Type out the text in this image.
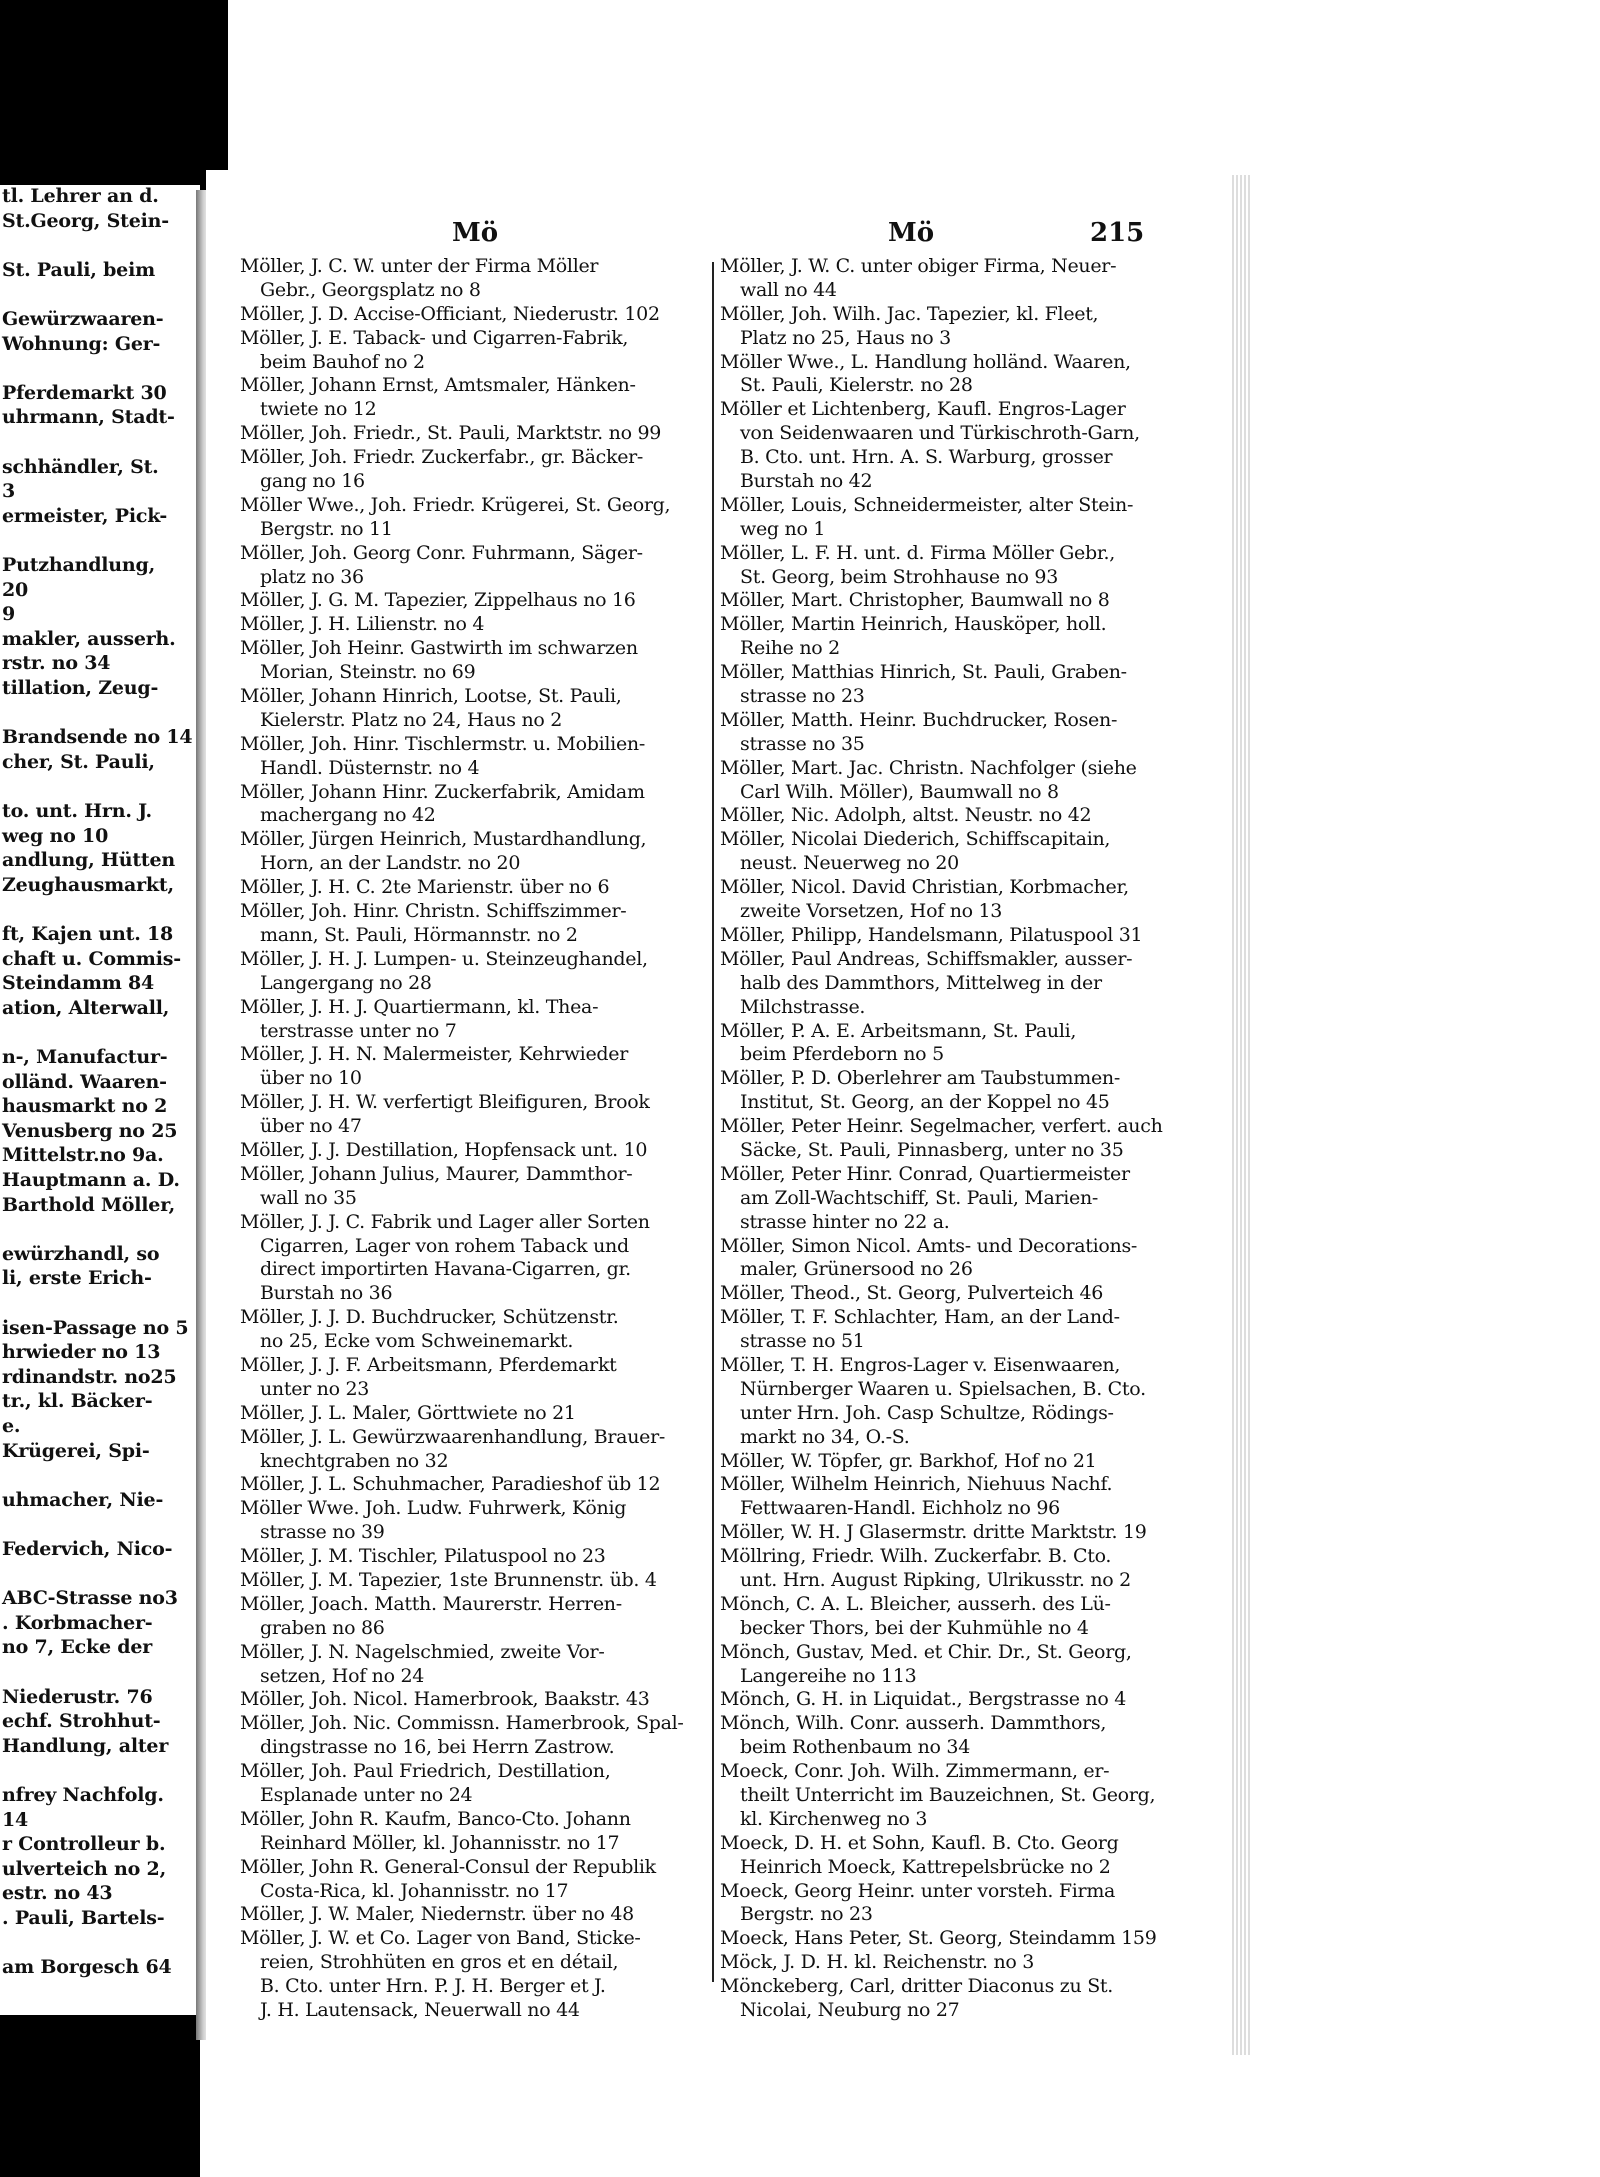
tl. Lehrer an d.
St.Georg, Stein-
St. Pauli, beim
Gewürzwaaren-
Wohnung: Ger-
Pferdemarkt 30
uhrmann, Stadt-
schhändler, St.
3
ermeister, Pick-
Putzhandlung,
20
9
makler, ausserh.
rstr. no 34
tillation, Zeug-
Brandsende no 14
cher, St. Pauli,
to. unt. Hrn. J.
weg no 10
andlung, Hütten
Zeughausmarkt,
ft, Kajen unt. 18
chaft u. Commis-
Steindamm 84
ation, Alterwall,
n-, Manufactur-
olländ. Waaren-
hausmarkt no 2
Venusberg no 25
Mittelstr.no 9a.
Hauptmann a. D.
Barthold Möller,
ewürzhandl, so
li, erste Erich-
isen-Passage no 5
hrwieder no 13
rdinandstr. no25
tr., kl. Bäcker-
e.
Krügerei, Spi-
uhmacher, Nie-
Federvich, Nico-
ABC-Strasse no3
. Korbmacher-
no 7, Ecke der
Niederustr. 76
echf. Strohhut-
Handlung, alter
nfrey Nachfolg.
14
r Controlleur b.
ulverteich no 2,
estr. no 43
. Pauli, Bartels-
am Borgesch 64
Mö	Mö	215
Möller, J. C. W. unter der Firma Möller
Gebr., Georgsplatz no 8
Möller, J. D. Accise-Officiant, Niederustr. 102
Möller, J. E. Taback- und Cigarren-Fabrik,
beim Bauhof no 2
Möller, Johann Ernst, Amtsmaler, Hänken-
twiete no 12
Möller, Joh. Friedr., St. Pauli, Marktstr. no 99
Möller, Joh. Friedr. Zuckerfabr., gr. Bäcker-
gang no 16
Möller Wwe., Joh. Friedr. Krügerei, St. Georg,
Bergstr. no 11
Möller, Joh. Georg Conr. Fuhrmann, Säger-
platz no 36
Möller, J. G. M. Tapezier, Zippelhaus no 16
Möller, J. H. Lilienstr. no 4
Möller, Joh Heinr. Gastwirth im schwarzen
Morian, Steinstr. no 69
Möller, Johann Hinrich, Lootse, St. Pauli,
Kielerstr. Platz no 24, Haus no 2
Möller, Joh. Hinr. Tischlermstr. u. Mobilien-
Handl. Düsternstr. no 4
Möller, Johann Hinr. Zuckerfabrik, Amidam
machergang no 42
Möller, Jürgen Heinrich, Mustardhandlung,
Horn, an der Landstr. no 20
Möller, J. H. C. 2te Marienstr. über no 6
Möller, Joh. Hinr. Christn. Schiffszimmer-
mann, St. Pauli, Hörmannstr. no 2
Möller, J. H. J. Lumpen- u. Steinzeughandel,
Langergang no 28
Möller, J. H. J. Quartiermann, kl. Thea-
terstrasse unter no 7
Möller, J. H. N. Malermeister, Kehrwieder
über no 10
Möller, J. H. W. verfertigt Bleifiguren, Brook
über no 47
Möller, J. J. Destillation, Hopfensack unt. 10
Möller, Johann Julius, Maurer, Dammthor-
wall no 35
Möller, J. J. C. Fabrik und Lager aller Sorten
Cigarren, Lager von rohem Taback und
direct importirten Havana-Cigarren, gr.
Burstah no 36
Möller, J. J. D. Buchdrucker, Schützenstr.
no 25, Ecke vom Schweinemarkt.
Möller, J. J. F. Arbeitsmann, Pferdemarkt
unter no 23
Möller, J. L. Maler, Görttwiete no 21
Möller, J. L. Gewürzwaarenhandlung, Brauer-
knechtgraben no 32
Möller, J. L. Schuhmacher, Paradieshof üb 12
Möller Wwe. Joh. Ludw. Fuhrwerk, König
strasse no 39
Möller, J. M. Tischler, Pilatuspool no 23
Möller, J. M. Tapezier, 1ste Brunnenstr. üb. 4
Möller, Joach. Matth. Maurerstr. Herren-
graben no 86
Möller, J. N. Nagelschmied, zweite Vor-
setzen, Hof no 24
Möller, Joh. Nicol. Hamerbrook, Baakstr. 43
Möller, Joh. Nic. Commissn. Hamerbrook, Spal-
dingstrasse no 16, bei Herrn Zastrow.
Möller, Joh. Paul Friedrich, Destillation,
Esplanade unter no 24
Möller, John R. Kaufm, Banco-Cto. Johann
Reinhard Möller, kl. Johannisstr. no 17
Möller, John R. General-Consul der Republik
Costa-Rica, kl. Johannisstr. no 17
Möller, J. W. Maler, Niedernstr. über no 48
Möller, J. W. et Co. Lager von Band, Sticke-
reien, Strohhüten en gros et en détail,
B. Cto. unter Hrn. P. J. H. Berger et J.
J. H. Lautensack, Neuerwall no 44
Möller, J. W. C. unter obiger Firma, Neuer-
wall no 44
Möller, Joh. Wilh. Jac. Tapezier, kl. Fleet,
Platz no 25, Haus no 3
Möller Wwe., L. Handlung holländ. Waaren,
St. Pauli, Kielerstr. no 28
Möller et Lichtenberg, Kaufl. Engros-Lager
von Seidenwaaren und Türkischroth-Garn,
B. Cto. unt. Hrn. A. S. Warburg, grosser
Burstah no 42
Möller, Louis, Schneidermeister, alter Stein-
weg no 1
Möller, L. F. H. unt. d. Firma Möller Gebr.,
St. Georg, beim Strohhause no 93
Möller, Mart. Christopher, Baumwall no 8
Möller, Martin Heinrich, Hausköper, holl.
Reihe no 2
Möller, Matthias Hinrich, St. Pauli, Graben-
strasse no 23
Möller, Matth. Heinr. Buchdrucker, Rosen-
strasse no 35
Möller, Mart. Jac. Christn. Nachfolger (siehe
Carl Wilh. Möller), Baumwall no 8
Möller, Nic. Adolph, altst. Neustr. no 42
Möller, Nicolai Diederich, Schiffscapitain,
neust. Neuerweg no 20
Möller, Nicol. David Christian, Korbmacher,
zweite Vorsetzen, Hof no 13
Möller, Philipp, Handelsmann, Pilatuspool 31
Möller, Paul Andreas, Schiffsmakler, ausser-
halb des Dammthors, Mittelweg in der
Milchstrasse.
Möller, P. A. E. Arbeitsmann, St. Pauli,
beim Pferdeborn no 5
Möller, P. D. Oberlehrer am Taubstummen-
Institut, St. Georg, an der Koppel no 45
Möller, Peter Heinr. Segelmacher, verfert. auch
Säcke, St. Pauli, Pinnasberg, unter no 35
Möller, Peter Hinr. Conrad, Quartiermeister
am Zoll-Wachtschiff, St. Pauli, Marien-
strasse hinter no 22 a.
Möller, Simon Nicol. Amts- und Decorations-
maler, Grünersood no 26
Möller, Theod., St. Georg, Pulverteich 46
Möller, T. F. Schlachter, Ham, an der Land-
strasse no 51
Möller, T. H. Engros-Lager v. Eisenwaaren,
Nürnberger Waaren u. Spielsachen, B. Cto.
unter Hrn. Joh. Casp Schultze, Rödings-
markt no 34, O.-S.
Möller, W. Töpfer, gr. Barkhof, Hof no 21
Möller, Wilhelm Heinrich, Niehuus Nachf.
Fettwaaren-Handl. Eichholz no 96
Möller, W. H. J Glasermstr. dritte Marktstr. 19
Möllring, Friedr. Wilh. Zuckerfabr. B. Cto.
unt. Hrn. August Ripking, Ulrikusstr. no 2
Mönch, C. A. L. Bleicher, ausserh. des Lü-
becker Thors, bei der Kuhmühle no 4
Mönch, Gustav, Med. et Chir. Dr., St. Georg,
Langereihe no 113
Mönch, G. H. in Liquidat., Bergstrasse no 4
Mönch, Wilh. Conr. ausserh. Dammthors,
beim Rothenbaum no 34
Moeck, Conr. Joh. Wilh. Zimmermann, er-
theilt Unterricht im Bauzeichnen, St. Georg,
kl. Kirchenweg no 3
Moeck, D. H. et Sohn, Kaufl. B. Cto. Georg
Heinrich Moeck, Kattrepelsbrücke no 2
Moeck, Georg Heinr. unter vorsteh. Firma
Bergstr. no 23
Moeck, Hans Peter, St. Georg, Steindamm 159
Möck, J. D. H. kl. Reichenstr. no 3
Mönckeberg, Carl, dritter Diaconus zu St.
Nicolai, Neuburg no 27
